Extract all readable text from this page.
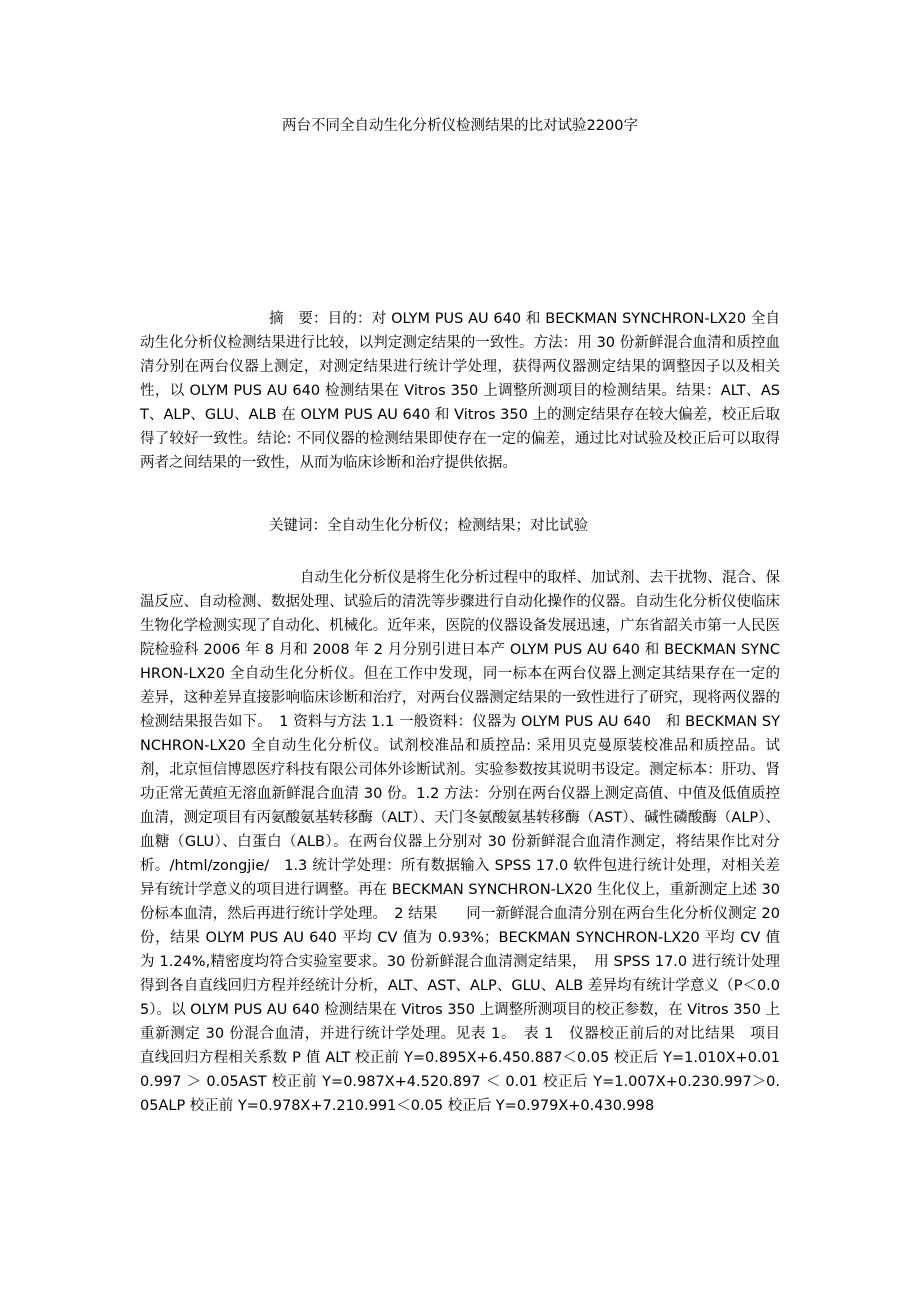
两台不同全自动生化分析仪检测结果的比对试验2200字

摘　要：目的：对 OLYM PUS AU 640 和 BECKMAN SYNCHRON-LX20 全自动生化分析仪检测结果进行比较，以判定测定结果的一致性。方法：用 30 份新鲜混合血清和质控血清分别在两台仪器上测定，对测定结果进行统计学处理，获得两仪器测定结果的调整因子以及相关性，以 OLYM PUS AU 640 检测结果在 Vitros 350 上调整所测项目的检测结果。结果：ALT、AST、ALP、GLU、ALB 在 OLYM PUS AU 640 和 Vitros 350 上的测定结果存在较大偏差，校正后取得了较好一致性。结论: 不同仪器的检测结果即使存在一定的偏差，通过比对试验及校正后可以取得两者之间结果的一致性，从而为临床诊断和治疗提供依据。

关键词：全自动生化分析仪；检测结果；对比试验

自动生化分析仪是将生化分析过程中的取样、加试剂、去干扰物、混合、保温反应、自动检测、数据处理、试验后的清洗等步骤进行自动化操作的仪器。自动生化分析仪使临床生物化学检测实现了自动化、机械化。近年来，医院的仪器设备发展迅速，广东省韶关市第一人民医院检验科 2006 年 8 月和 2008 年 2 月分别引进日本产 OLYM PUS AU 640 和 BECKMAN SYNCHRON-LX20 全自动生化分析仪。但在工作中发现，同一标本在两台仪器上测定其结果存在一定的差异，这种差异直接影响临床诊断和治疗，对两台仪器测定结果的一致性进行了研究，现将两仪器的检测结果报告如下。　1 资料与方法 1.1 一般资料：仪器为 OLYM PUS AU 640　和 BECKMAN SYNCHRON-LX20 全自动生化分析仪。试剂校准品和质控品: 采用贝克曼原装校准品和质控品。试剂，北京恒信博恩医疗科技有限公司体外诊断试剂。实验参数按其说明书设定。测定标本：肝功、肾功正常无黄疸无溶血新鲜混合血清 30 份。1.2 方法：分别在两台仪器上测定高值、中值及低值质控血清，测定项目有丙氨酸氨基转移酶（ALT）、天门冬氨酸氨基转移酶（AST）、碱性磷酸酶（ALP）、血糖（GLU）、白蛋白（ALB）。在两台仪器上分别对 30 份新鲜混合血清作测定，将结果作比对分析。/html/zongjie/　1.3 统计学处理：所有数据输入 SPSS 17.0 软件包进行统计处理，对相关差异有统计学意义的项目进行调整。再在 BECKMAN SYNCHRON-LX20 生化仪上，重新测定上述 30 份标本血清，然后再进行统计学处理。　2 结果　　同一新鲜混合血清分别在两台生化分析仪测定 20 份，结果 OLYM PUS AU 640 平均 CV 值为 0.93%；BECKMAN SYNCHRON-LX20 平均 CV 值为 1.24%,精密度均符合实验室要求。30 份新鲜混合血清测定结果，　用 SPSS 17.0 进行统计处理得到各自直线回归方程并经统计分析，ALT、AST、ALP、GLU、ALB 差异均有统计学意义（P＜0.05）。以 OLYM PUS AU 640 检测结果在 Vitros 350 上调整所测项目的校正参数，在 Vitros 350 上重新测定 30 份混合血清，并进行统计学处理。见表 1。　表 1　仪器校正前后的对比结果　项目　 直线回归方程相关系数 P 值 ALT 校正前 Y=0.895X+6.450.887＜0.05 校正后 Y=1.010X+0.010.997 ＞ 0.05AST 校正前 Y=0.987X+4.520.897 ＜ 0.01 校正后 Y=1.007X+0.230.997＞0.05ALP 校正前 Y=0.978X+7.210.991＜0.05 校正后 Y=0.979X+0.430.998
